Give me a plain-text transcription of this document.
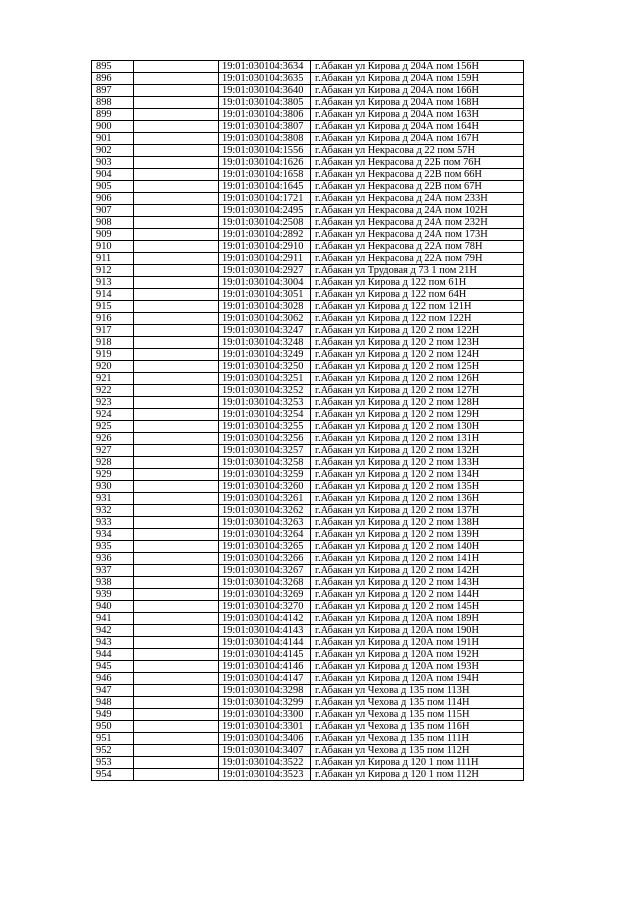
895		19:01:030104:3634	г.Абакан ул Кирова д 204А пом 156Н
896		19:01:030104:3635	г.Абакан ул Кирова д 204А пом 159Н
897		19:01:030104:3640	г.Абакан ул Кирова д 204А пом 166Н
898		19:01:030104:3805	г.Абакан ул Кирова д 204А пом 168Н
899		19:01:030104:3806	г.Абакан ул Кирова д 204А пом 163Н
900		19:01:030104:3807	г.Абакан ул Кирова д 204А пом 164Н
901		19:01:030104:3808	г.Абакан ул Кирова д 204А пом 167Н
902		19:01:030104:1556	г.Абакан ул Некрасова д 22 пом 57Н
903		19:01:030104:1626	г.Абакан ул Некрасова д 22Б пом 76Н
904		19:01:030104:1658	г.Абакан ул Некрасова д 22В пом 66Н
905		19:01:030104:1645	г.Абакан ул Некрасова д 22В пом 67Н
906		19:01:030104:1721	г.Абакан ул Некрасова д 24А пом 233Н
907		19:01:030104:2495	г.Абакан ул Некрасова д 24А пом 102Н
908		19:01:030104:2508	г.Абакан ул Некрасова д 24А пом 232Н
909		19:01:030104:2892	г.Абакан ул Некрасова д 24А пом 173Н
910		19:01:030104:2910	г.Абакан ул Некрасова д 22А пом 78Н
911		19:01:030104:2911	г.Абакан ул Некрасова д 22А пом 79Н
912		19:01:030104:2927	г.Абакан ул Трудовая д 73 1 пом 21Н
913		19:01:030104:3004	г.Абакан ул Кирова д 122 пом 61Н
914		19:01:030104:3051	г.Абакан ул Кирова д 122 пом 64Н
915		19:01:030104:3028	г.Абакан ул Кирова д 122 пом 121Н
916		19:01:030104:3062	г.Абакан ул Кирова д 122 пом 122Н
917		19:01:030104:3247	г.Абакан ул Кирова д 120 2 пом 122Н
918		19:01:030104:3248	г.Абакан ул Кирова д 120 2 пом 123Н
919		19:01:030104:3249	г.Абакан ул Кирова д 120 2 пом 124Н
920		19:01:030104:3250	г.Абакан ул Кирова д 120 2 пом 125Н
921		19:01:030104:3251	г.Абакан ул Кирова д 120 2 пом 126Н
922		19:01:030104:3252	г.Абакан ул Кирова д 120 2 пом 127Н
923		19:01:030104:3253	г.Абакан ул Кирова д 120 2 пом 128Н
924		19:01:030104:3254	г.Абакан ул Кирова д 120 2 пом 129Н
925		19:01:030104:3255	г.Абакан ул Кирова д 120 2 пом 130Н
926		19:01:030104:3256	г.Абакан ул Кирова д 120 2 пом 131Н
927		19:01:030104:3257	г.Абакан ул Кирова д 120 2 пом 132Н
928		19:01:030104:3258	г.Абакан ул Кирова д 120 2 пом 133Н
929		19:01:030104:3259	г.Абакан ул Кирова д 120 2 пом 134Н
930		19:01:030104:3260	г.Абакан ул Кирова д 120 2 пом 135Н
931		19:01:030104:3261	г.Абакан ул Кирова д 120 2 пом 136Н
932		19:01:030104:3262	г.Абакан ул Кирова д 120 2 пом 137Н
933		19:01:030104:3263	г.Абакан ул Кирова д 120 2 пом 138Н
934		19:01:030104:3264	г.Абакан ул Кирова д 120 2 пом 139Н
935		19:01:030104:3265	г.Абакан ул Кирова д 120 2 пом 140Н
936		19:01:030104:3266	г.Абакан ул Кирова д 120 2 пом 141Н
937		19:01:030104:3267	г.Абакан ул Кирова д 120 2 пом 142Н
938		19:01:030104:3268	г.Абакан ул Кирова д 120 2 пом 143Н
939		19:01:030104:3269	г.Абакан ул Кирова д 120 2 пом 144Н
940		19:01:030104:3270	г.Абакан ул Кирова д 120 2 пом 145Н
941		19:01:030104:4142	г.Абакан ул Кирова д 120А пом 189Н
942		19:01:030104:4143	г.Абакан ул Кирова д 120А пом 190Н
943		19:01:030104:4144	г.Абакан ул Кирова д 120А пом 191Н
944		19:01:030104:4145	г.Абакан ул Кирова д 120А пом 192Н
945		19:01:030104:4146	г.Абакан ул Кирова д 120А пом 193Н
946		19:01:030104:4147	г.Абакан ул Кирова д 120А пом 194Н
947		19:01:030104:3298	г.Абакан ул Чехова д 135 пом 113Н
948		19:01:030104:3299	г.Абакан ул Чехова д 135 пом 114Н
949		19:01:030104:3300	г.Абакан ул Чехова д 135 пом 115Н
950		19:01:030104:3301	г.Абакан ул Чехова д 135 пом 116Н
951		19:01:030104:3406	г.Абакан ул Чехова д 135 пом 111Н
952		19:01:030104:3407	г.Абакан ул Чехова д 135 пом 112Н
953		19:01:030104:3522	г.Абакан ул Кирова д 120 1 пом 111Н
954		19:01:030104:3523	г.Абакан ул Кирова д 120 1 пом 112Н
